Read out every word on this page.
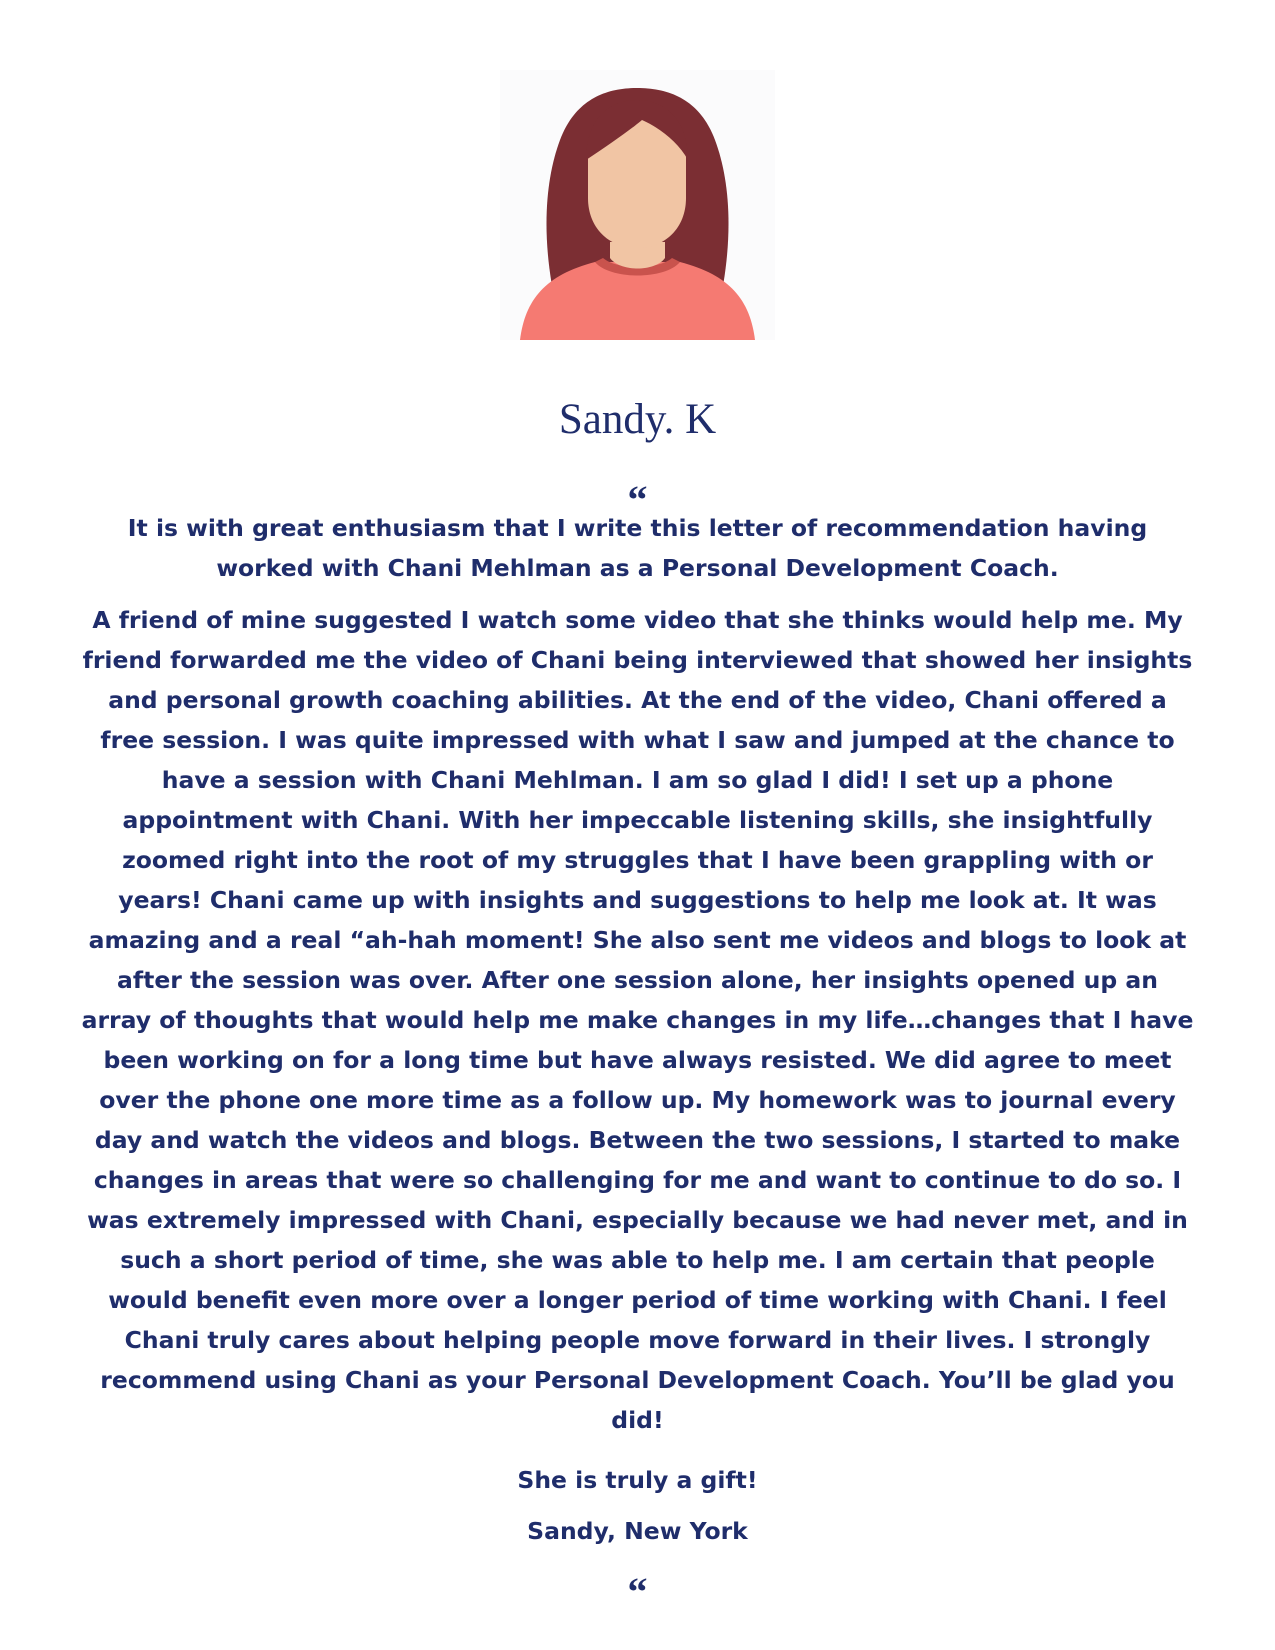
Sandy. K
“

It is with great enthusiasm that I write this letter of recommendation having worked with Chani Mehlman as a Personal Development Coach.

A friend of mine suggested I watch some video that she thinks would help me. My friend forwarded me the video of Chani being interviewed that showed her insights and personal growth coaching abilities. At the end of the video, Chani offered a free session. I was quite impressed with what I saw and jumped at the chance to have a session with Chani Mehlman. I am so glad I did! I set up a phone appointment with Chani. With her impeccable listening skills, she insightfully zoomed right into the root of my struggles that I have been grappling with or years! Chani came up with insights and suggestions to help me look at. It was amazing and a real “ah-hah moment! She also sent me videos and blogs to look at after the session was over. After one session alone, her insights opened up an array of thoughts that would help me make changes in my life…changes that I have been working on for a long time but have always resisted. We did agree to meet over the phone one more time as a follow up. My homework was to journal every day and watch the videos and blogs. Between the two sessions, I started to make changes in areas that were so challenging for me and want to continue to do so. I was extremely impressed with Chani, especially because we had never met, and in such a short period of time, she was able to help me. I am certain that people would benefit even more over a longer period of time working with Chani. I feel Chani truly cares about helping people move forward in their lives. I strongly recommend using Chani as your Personal Development Coach. You’ll be glad you did!

She is truly a gift!

Sandy, New York

“
